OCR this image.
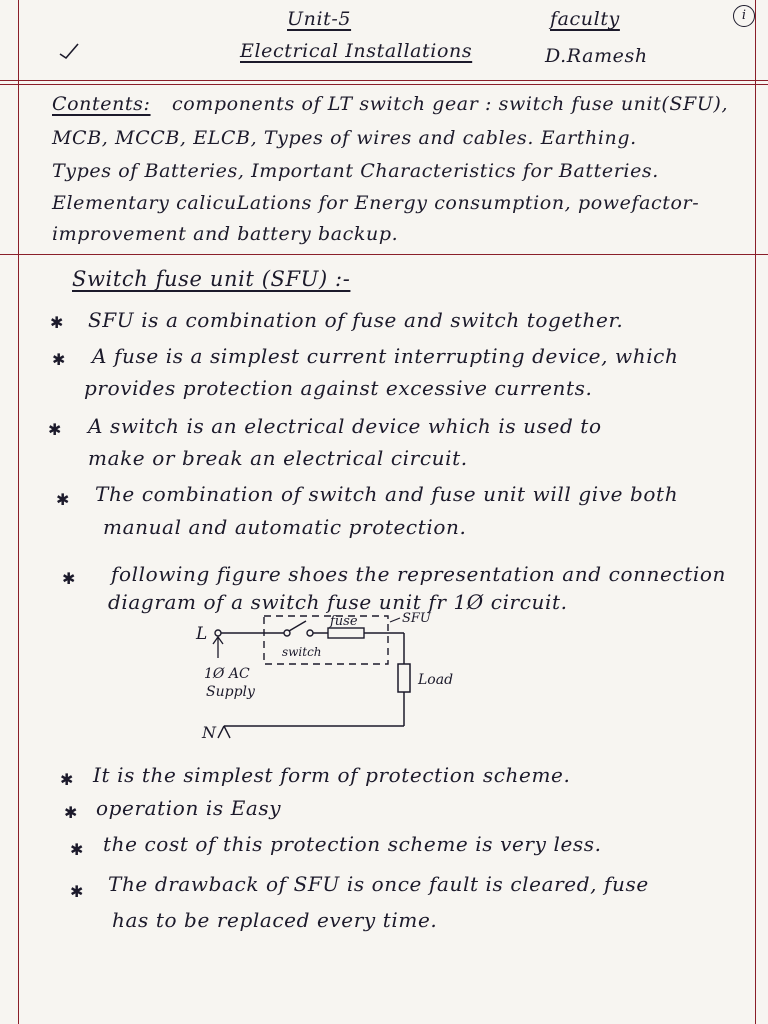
Unit-5
Electrical Installations
faculty
D.Ramesh
i
Contents: components of LT switch gear : switch fuse unit(SFU),
MCB, MCCB, ELCB, Types of wires and cables. Earthing.
Types of Batteries, Important Characteristics for Batteries.
Elementary calicuLations for Energy consumption, powefactor-
improvement and battery backup.
Switch fuse unit (SFU) :-
✱ SFU is a combination of fuse and switch together.
✱ A fuse is a simplest current interrupting device, which
provides protection against excessive currents.
✱ A switch is an electrical device which is used to
make or break an electrical circuit.
✱ The combination of switch and fuse unit will give both
manual and automatic protection.
✱ following figure shoes the representation and connection
diagram of a switch fuse unit fr 1Ø circuit.
L
switch
fuse	SFU
Load
N
1Ø AC
Supply
✱ It is the simplest form of protection scheme.
✱ operation is Easy
✱ the cost of this protection scheme is very less.
✱ The drawback of SFU is once fault is cleared, fuse
has to be replaced every time.
